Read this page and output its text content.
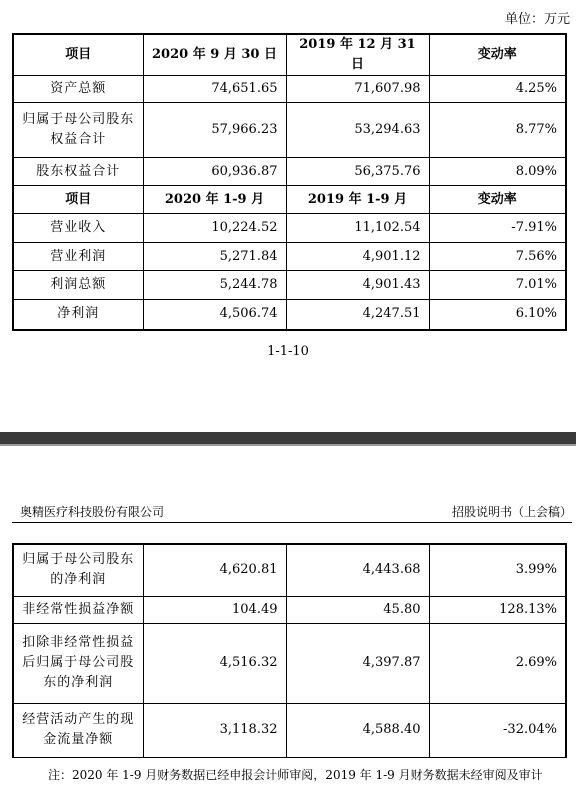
单位：万元
项目	2020 年 9 月 30 日	2019 年 12 月 31 日	变动率
资产总额	74,651.65	71,607.98	4.25%
归属于母公司股东权益合计	57,966.23	53,294.63	8.77%
股东权益合计	60,936.87	56,375.76	8.09%
项目	2020 年 1-9 月	2019 年 1-9 月	变动率
营业收入	10,224.52	11,102.54	-7.91%
营业利润	5,271.84	4,901.12	7.56%
利润总额	5,244.78	4,901.43	7.01%
净利润	4,506.74	4,247.51	6.10%
1-1-10
奥精医疗科技股份有限公司	招股说明书（上会稿）
归属于母公司股东的净利润	4,620.81	4,443.68	3.99%
非经常性损益净额	104.49	45.80	128.13%
扣除非经常性损益后归属于母公司股东的净利润	4,516.32	4,397.87	2.69%
经营活动产生的现金流量净额	3,118.32	4,588.40	-32.04%
注：2020 年 1-9 月财务数据已经申报会计师审阅，2019 年 1-9 月财务数据未经审阅及审计
